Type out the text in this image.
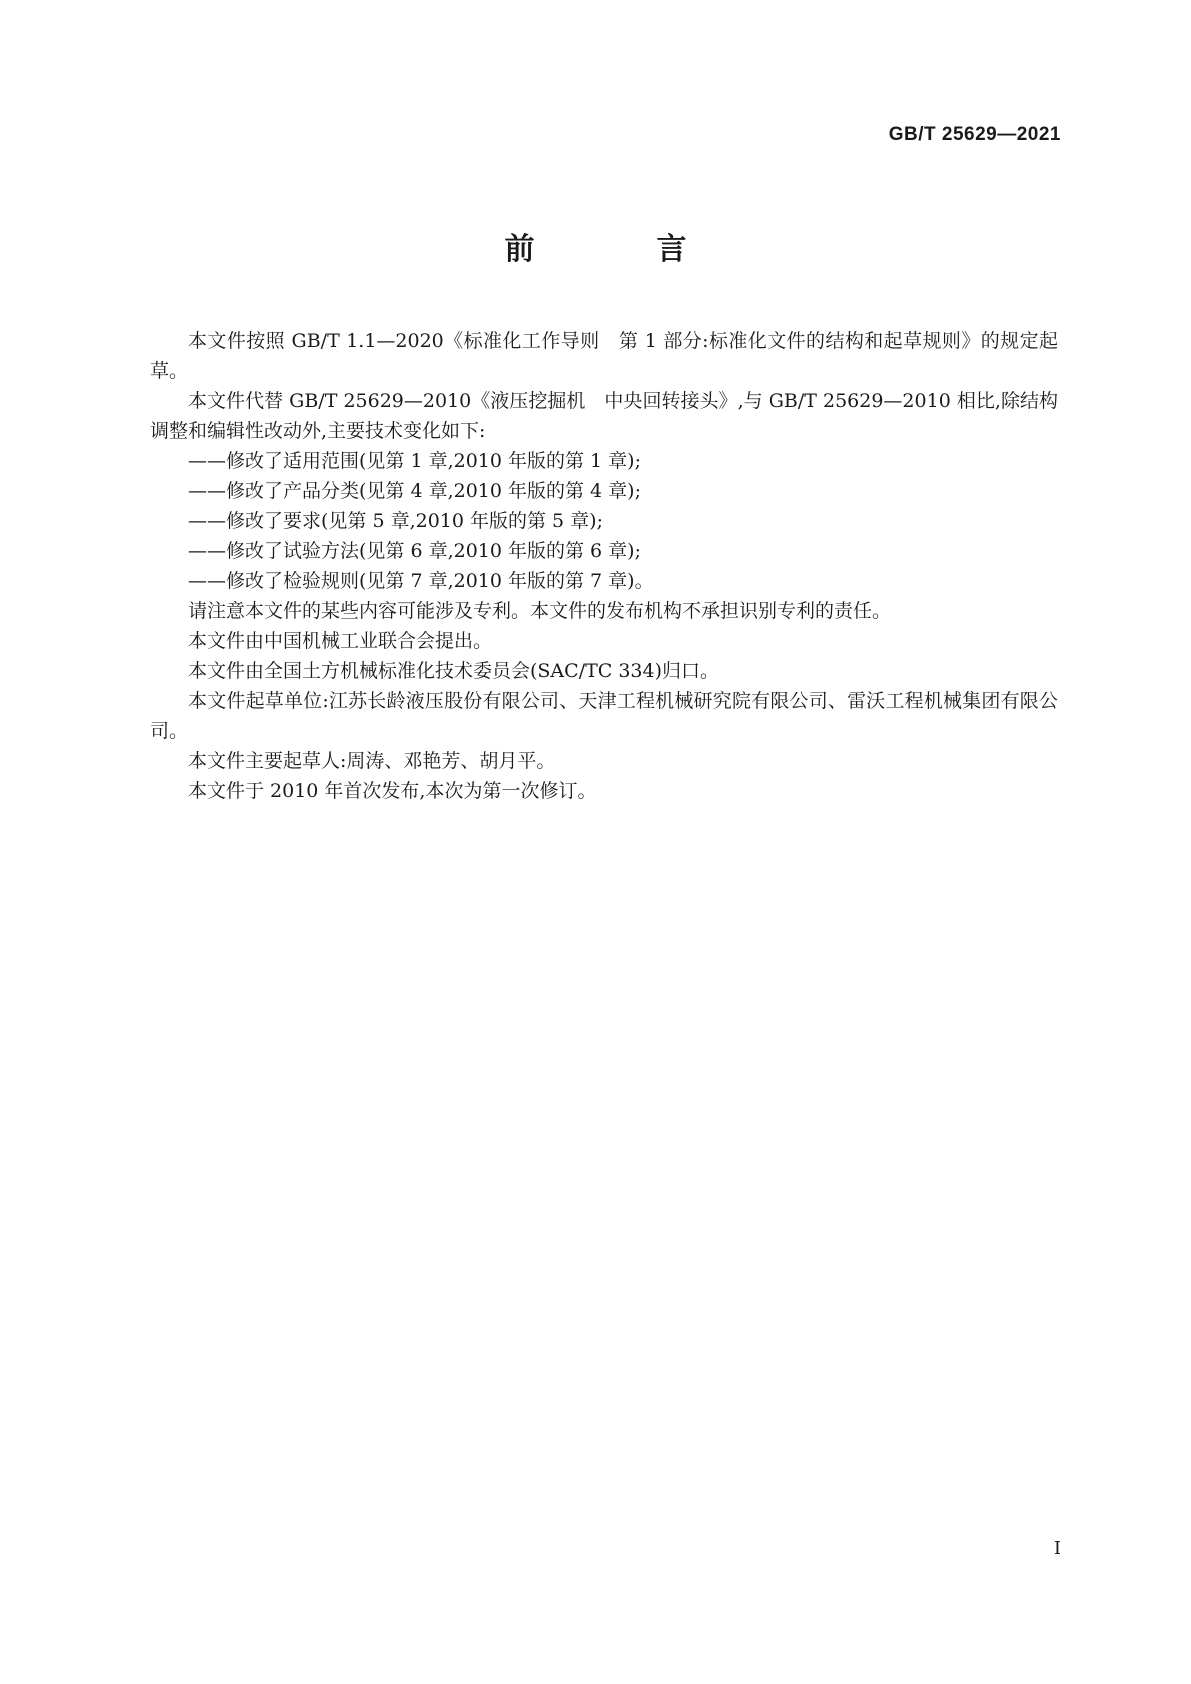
GB/T 25629—2021
前　言

本文件按照 GB/T 1.1—2020《标准化工作导则　第 1 部分:标准化文件的结构和起草规则》的规定起草。

本文件代替 GB/T 25629—2010《液压挖掘机　中央回转接头》,与 GB/T 25629—2010 相比,除结构调整和编辑性改动外,主要技术变化如下:

——修改了适用范围(见第 1 章,2010 年版的第 1 章);

——修改了产品分类(见第 4 章,2010 年版的第 4 章);

——修改了要求(见第 5 章,2010 年版的第 5 章);

——修改了试验方法(见第 6 章,2010 年版的第 6 章);

——修改了检验规则(见第 7 章,2010 年版的第 7 章)。

请注意本文件的某些内容可能涉及专利。本文件的发布机构不承担识别专利的责任。

本文件由中国机械工业联合会提出。

本文件由全国土方机械标准化技术委员会(SAC/TC 334)归口。

本文件起草单位:江苏长龄液压股份有限公司、天津工程机械研究院有限公司、雷沃工程机械集团有限公司。

本文件主要起草人:周涛、邓艳芳、胡月平。

本文件于 2010 年首次发布,本次为第一次修订。

I
